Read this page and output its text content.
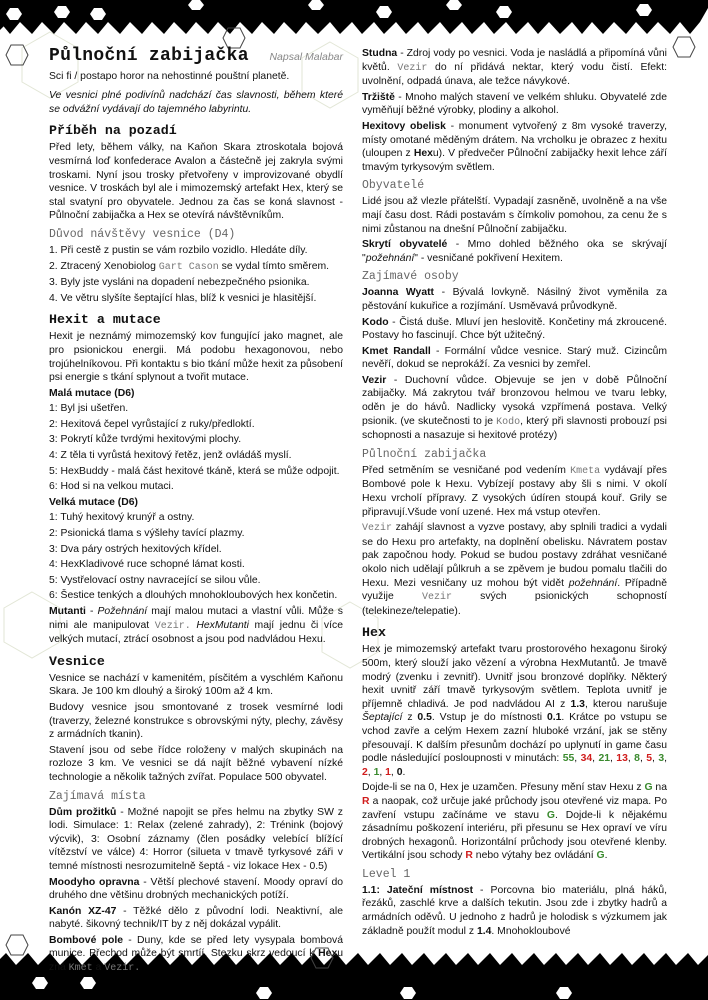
Půlnoční zabijačka Napsal Malabar

Sci fi / postapo horor na nehostinné pouštní planetě.

Ve vesnici plné podivínů nadchází čas slavnosti, během které se odvážní vydávají do tajemného labyrintu.

Příběh na pozadí

Před lety, během války, na Kaňon Skara ztroskotala bojová vesmírná loď konfederace Avalon a částečně jej zakryla svými troskami. Nyní jsou trosky přetvořeny v improvizované obydlí vesnice. V troskách byl ale i mimozemský artefakt Hex, který se stal svatyní pro obyvatele. Jednou za čas se koná slavnost - Půlnoční zabijačka a Hex se otevírá návštěvníkům.

Důvod návštěvy vesnice (D4)

1. Při cestě z pustin se vám rozbilo vozidlo. Hledáte díly.

2. Ztracený Xenobiolog Gart Cason se vydal tímto směrem.

3. Byly jste vysláni na dopadení nebezpečného psionika.

4. Ve větru slyšíte šeptající hlas, blíž k vesnici je hlasitější.

Hexit a mutace

Hexit je neznámý mimozemský kov fungující jako magnet, ale pro psionickou energii. Má podobu hexagonovou, nebo trojúhelníkovou. Při kontaktu s bio tkání může hexit za působení psi energie s tkání splynout a tvořit mutace.

Malá mutace (D6)

1: Byl jsi ušetřen.

2: Hexitová čepel vyrůstající z ruky/předloktí.

3: Pokrytí kůže tvrdými hexitovými plochy.

4: Z těla ti vyrůstá hexitový řetěz, jenž ovládáš myslí.

5: HexBuddy - malá část hexitové tkáně, která se může odpojit.

6: Hod si na velkou mutaci.

Velká mutace (D6)

1: Tuhý hexitový krunýř a ostny.

2: Psionická tlama s výšlehy tavící plazmy.

3: Dva páry ostrých hexitových křídel.

4: HexKladivové ruce schopné lámat kosti.

5: Vystřelovací ostny navracející se silou vůle.

6: Šestice tenkých a dlouhých mnohokloubových hex končetin.

Mutanti - Požehnání mají malou mutaci a vlastní vůli. Může s nimi ale manipulovat Vezir. HexMutanti mají jednu či více velkých mutací, ztrácí osobnost a jsou pod nadvládou Hexu.

Vesnice

Vesnice se nachází v kamenitém, písčitém a vyschlém Kaňonu Skara. Je 100 km dlouhý a široký 100m až 4 km.

Budovy vesnice jsou smontované z trosek vesmírné lodi (traverzy, železné konstrukce s obrovskými nýty, plechy, závěsy z armádních tkanin).

Stavení jsou od sebe řídce roloženy v malých skupinách na rozloze 3 km. Ve vesnici se dá najít běžné vybavení nízké technologie a několik tažných zvířat. Populace 500 obyvatel.

Zajímavá místa

Dům prožitků - Možné napojit se přes helmu na zbytky SW z lodi. Simulace: 1: Relax (zelené zahrady), 2: Trénink (bojový výcvik), 3: Osobní záznamy (člen posádky velebící blížící vítězství ve válce) 4: Horror (silueta v tmavě tyrkysové záři v temné místnosti nesrozumitelně šeptá - viz lokace Hex - 0.5)

Moodyho opravna - Větší plechové stavení. Moody opraví do druhého dne většinu drobných mechanických potíží.

Kanón XZ-47 - Těžké dělo z původní lodi. Neaktivní, ale nabyté. šikovný technik/IT by z něj dokázal vypálit.

Bombové pole - Duny, kde se před lety vysypala bombová munice. Přechod může být smrtíí. Stezku skrz vedoucí k Hexu zná Kmet a Vezir.

Studna - Zdroj vody po vesnici. Voda je nasládlá a připomíná vůni květů. Vezir do ní přidává nektar, který vodu čistí. Efekt: uvolnění, odpadá únava, ale težce návykové.

Tržiště - Mnoho malých stavení ve velkém shluku. Obyvatelé zde vyměňují běžné výrobky, plodiny a alkohol.

Hexitovy obelisk - monument vytvořený z 8m vysoké traverzy, místy omotané měděným drátem. Na vrcholku je obrazec z hexitu (uloupen z Hexu). V předvečer Půlnoční zabijačky hexit lehce září tmavým tyrkysovým světlem.

Obyvatelé

Lidé jsou až vlezle přátelští. Vypadají zasněně, uvolněně a na vše mají času dost. Rádi postavám s čímkoliv pomohou, za cenu že s nimi zůstanou na dnešní Půlnoční zabijačku.

Skrytí obyvatelé - Mmo dohled běžného oka se skrývají "požehnání" - vesničané pokřivení Hexitem.

Zajímavé osoby

Joanna Wyatt - Bývalá lovkyně. Násilný život vyměnila za pěstování kukuřice a rozjímání. Usměvavá průvodkyně.

Kodo - Čistá duše. Mluví jen heslovitě. Končetiny má zkroucené. Postavy ho fascinují. Chce být užitečný.

Kmet Randall - Formální vůdce vesnice. Starý muž. Cizincům nevěří, dokud se neprokáží. Za vesnici by zemřel.

Vezir - Duchovní vůdce. Objevuje se jen v době Půlnoční zabijačky. Má zakrytou tvář bronzovou helmou ve tvaru lebky, oděn je do hávů. Nadlicky vysoká vzpřímená postava. Velký psionik. (ve skutečnosti to je Kodo, který při slavnosti probouzí psi schopnosti a nasazuje si hexitové protézy)

Půlnoční zabijačka

Před setměním se vesničané pod vedením Kmeta vydávají přes Bombové pole k Hexu. Vybízejí postavy aby šli s nimi. V okolí Hexu vrcholí přípravy. Z vysokých údíren stoupá kouř. Grily se připravují.Všude voní uzené. Hex má vstup otevřen.

Vezir zahájí slavnost a vyzve postavy, aby splnili tradici a vydali se do Hexu pro artefakty, na doplnění obelisku. Návratem postav pak započnou hody. Pokud se budou postavy zdráhat vesničané okolo nich udělají půlkruh a se zpěvem je budou pomalu tlačili do Hexu. Mezi vesničany uz mohou být vidět požehnání. Případně využije Vezir svých psionických schopností (telekineze/telepatie).

Hex

Hex je mimozemský artefakt tvaru prostorového hexagonu široký 500m, který slouží jako vězení a výrobna HexMutantů. Je tmavě modrý (zvenku i zevnitř). Uvnitř jsou bronzové doplňky. Některý hexit uvnitř září tmavě tyrkysovým světlem. Teplota uvnitř je příjemně chladivá. Je pod nadvládou AI z 1.3, kterou narušuje Šeptající z 0.5. Vstup je do místnosti 0.1. Krátce po vstupu se vchod zavře a celým Hexem zazní hluboké vrzání, jak se stěny přesouvají. K dalším přesunům dochází po uplynutí in game času podle následující posloupnosti v minutách: 55, 34, 21, 13, 8, 5, 3, 2, 1, 1, 0.

Dojde-li se na 0, Hex je uzamčen. Přesuny mění stav Hexu z G na R a naopak, což určuje jaké průchody jsou otevřené viz mapa. Po zavření vstupu začínáme ve stavu G. Dojde-li k nějakému zásadnímu poškození interiéru, při přesunu se Hex opraví ve víru drobných hexagonů. Horizontální průchody jsou otevřené klenby. Vertikální jsou schody R nebo výtahy bez ovládání G.

Level 1

1.1: Jateční místnost - Porcovna bio materiálu, plná háků, řezáků, zaschlé krve a dalších tekutin. Jsou zde i zbytky hadrů a armádních oděvů. U jednoho z hadrů je holodisk s výzkumem jak základně použít modul z 1.4. Mnohokloubové
